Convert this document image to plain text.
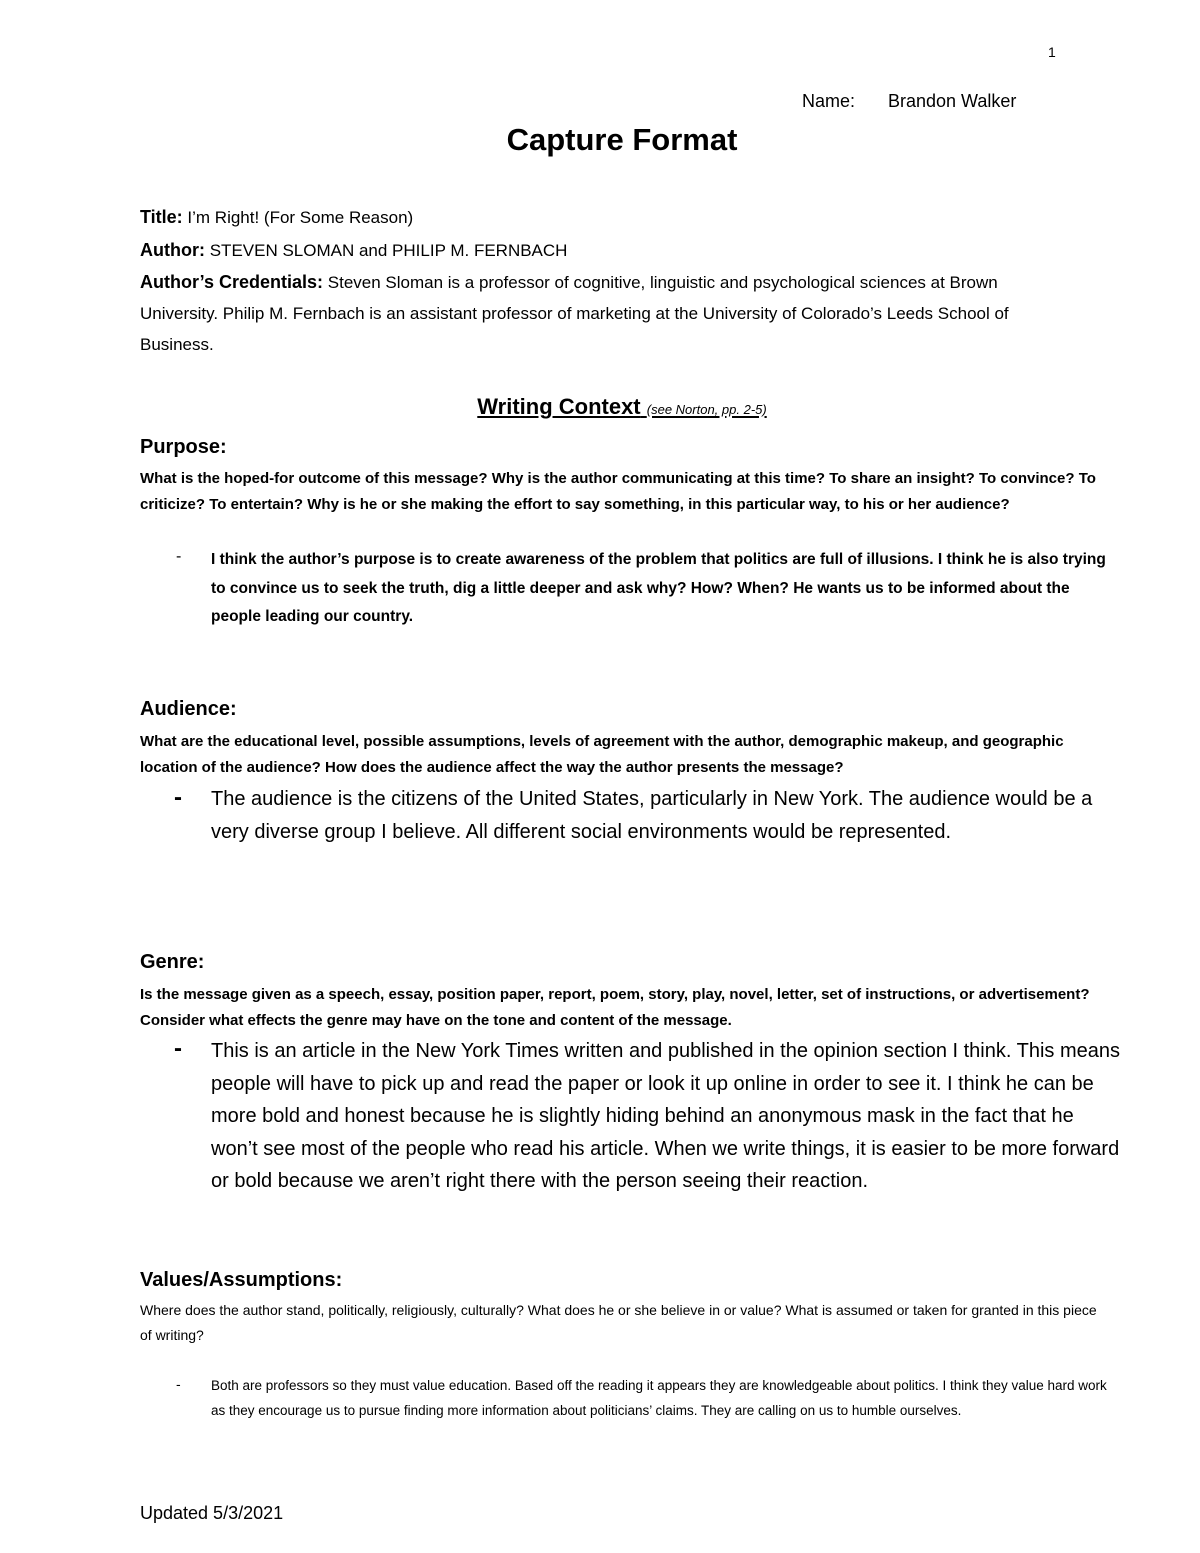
1
Name: Brandon Walker
Capture Format
Title: I’m Right! (For Some Reason)
Author: STEVEN SLOMAN and PHILIP M. FERNBACH
Author’s Credentials: Steven Sloman is a professor of cognitive, linguistic and psychological sciences at Brown University. Philip M. Fernbach is an assistant professor of marketing at the University of Colorado’s Leeds School of Business.
Writing Context (see Norton, pp. 2-5)
Purpose:
What is the hoped-for outcome of this message? Why is the author communicating at this time? To share an insight? To convince? To criticize? To entertain? Why is he or she making the effort to say something, in this particular way, to his or her audience?
- I think the author’s purpose is to create awareness of the problem that politics are full of illusions. I think he is also trying to convince us to seek the truth, dig a little deeper and ask why? How? When? He wants us to be informed about the people leading our country.
Audience:
What are the educational level, possible assumptions, levels of agreement with the author, demographic makeup, and geographic location of the audience? How does the audience affect the way the author presents the message?
- The audience is the citizens of the United States, particularly in New York. The audience would be a very diverse group I believe. All different social environments would be represented.
Genre:
Is the message given as a speech, essay, position paper, report, poem, story, play, novel, letter, set of instructions, or advertisement? Consider what effects the genre may have on the tone and content of the message.
- This is an article in the New York Times written and published in the opinion section I think. This means people will have to pick up and read the paper or look it up online in order to see it. I think he can be more bold and honest because he is slightly hiding behind an anonymous mask in the fact that he won’t see most of the people who read his article. When we write things, it is easier to be more forward or bold because we aren’t right there with the person seeing their reaction.
Values/Assumptions:
Where does the author stand, politically, religiously, culturally? What does he or she believe in or value? What is assumed or taken for granted in this piece of writing?
- Both are professors so they must value education. Based off the reading it appears they are knowledgeable about politics. I think they value hard work as they encourage us to pursue finding more information about politicians’ claims. They are calling on us to humble ourselves.
Updated 5/3/2021
